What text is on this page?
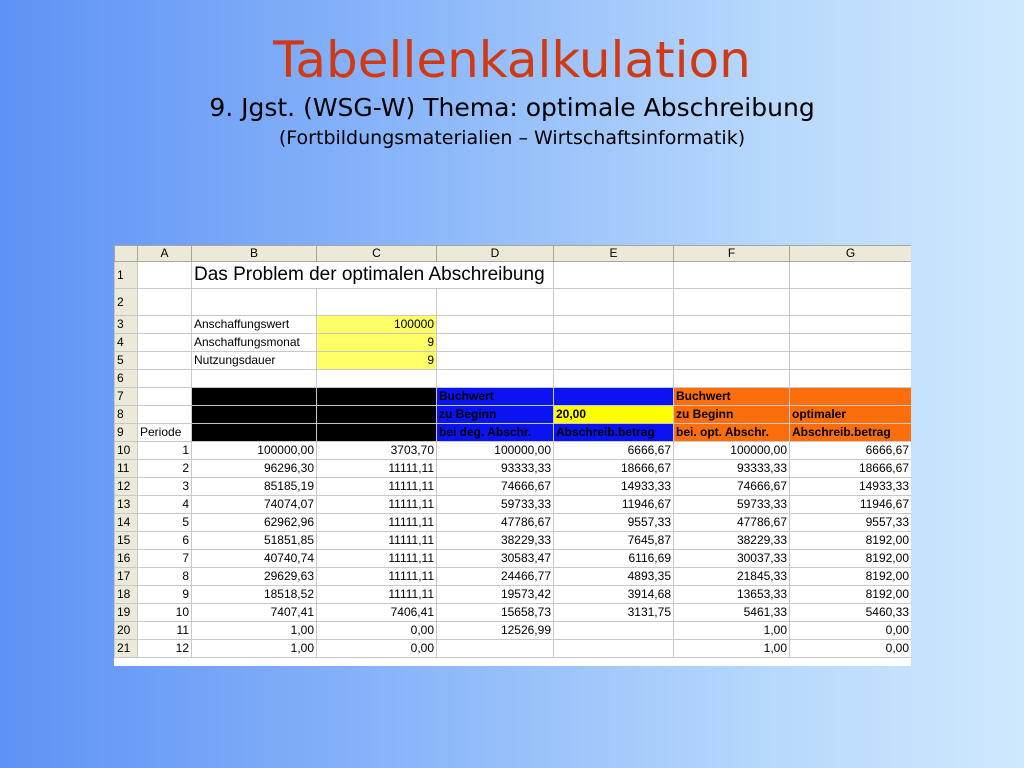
Tabellenkalkulation
9. Jgst. (WSG-W) Thema: optimale Abschreibung
(Fortbildungsmaterialien – Wirtschaftsinformatik)
	A	B	C	D	E	F	G
1		Das Problem der optimalen Abschreibung					
2							
3		Anschaffungswert	100000				
4		Anschaffungsmonat	9				
5		Nutzungsdauer	9				
6							
7		Buchwert	Linear in %	Buchwert		Buchwert	
8		zu Beginn	11,11	zu Beginn	20,00	zu Beginn	optimaler
9	Periode	bei lin. Abschr.	Abschreib.betrag	bei deg. Abschr.	Abschreib.betrag	bei. opt. Abschr.	Abschreib.betrag
10	1	100000,00	3703,70	100000,00	6666,67	100000,00	6666,67
11	2	96296,30	11111,11	93333,33	18666,67	93333,33	18666,67
12	3	85185,19	11111,11	74666,67	14933,33	74666,67	14933,33
13	4	74074,07	11111,11	59733,33	11946,67	59733,33	11946,67
14	5	62962,96	11111,11	47786,67	9557,33	47786,67	9557,33
15	6	51851,85	11111,11	38229,33	7645,87	38229,33	8192,00
16	7	40740,74	11111,11	30583,47	6116,69	30037,33	8192,00
17	8	29629,63	11111,11	24466,77	4893,35	21845,33	8192,00
18	9	18518,52	11111,11	19573,42	3914,68	13653,33	8192,00
19	10	7407,41	7406,41	15658,73	3131,75	5461,33	5460,33
20	11	1,00	0,00	12526,99		1,00	0,00
21	12	1,00	0,00			1,00	0,00
